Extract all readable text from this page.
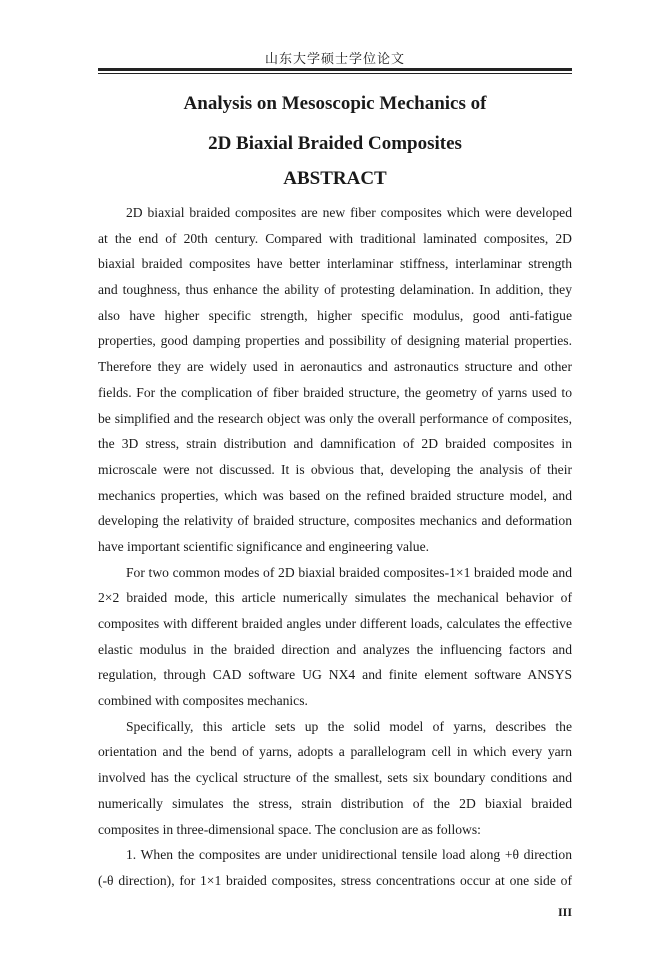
山东大学硕士学位论文
Analysis on Mesoscopic Mechanics of
2D Biaxial Braided Composites
ABSTRACT
2D biaxial braided composites are new fiber composites which were developed
at the end of 20th century. Compared with traditional laminated composites, 2D
biaxial braided composites have better interlaminar stiffness, interlaminar strength
and toughness, thus enhance the ability of protesting delamination. In addition, they
also have higher specific strength, higher specific modulus, good anti-fatigue
properties, good damping properties and possibility of designing material properties.
Therefore they are widely used in aeronautics and astronautics structure and other
fields. For the complication of fiber braided structure, the geometry of yarns used to
be simplified and the research object was only the overall performance of composites,
the 3D stress, strain distribution and damnification of 2D braided composites in
microscale were not discussed. It is obvious that, developing the analysis of their
mechanics properties, which was based on the refined braided structure model, and
developing the relativity of braided structure, composites mechanics and deformation
have important scientific significance and engineering value.
For two common modes of 2D biaxial braided composites-1×1 braided mode and
2×2 braided mode, this article numerically simulates the mechanical behavior of
composites with different braided angles under different loads, calculates the effective
elastic modulus in the braided direction and analyzes the influencing factors and
regulation, through CAD software UG NX4 and finite element software ANSYS
combined with composites mechanics.
Specifically, this article sets up the solid model of yarns, describes the
orientation and the bend of yarns, adopts a parallelogram cell in which every yarn
involved has the cyclical structure of the smallest, sets six boundary conditions and
numerically simulates the stress, strain distribution of the 2D biaxial braided
composites in three-dimensional space. The conclusion are as follows:
1. When the composites are under unidirectional tensile load along +θ direction
(-θ direction), for 1×1 braided composites, stress concentrations occur at one side of
III
